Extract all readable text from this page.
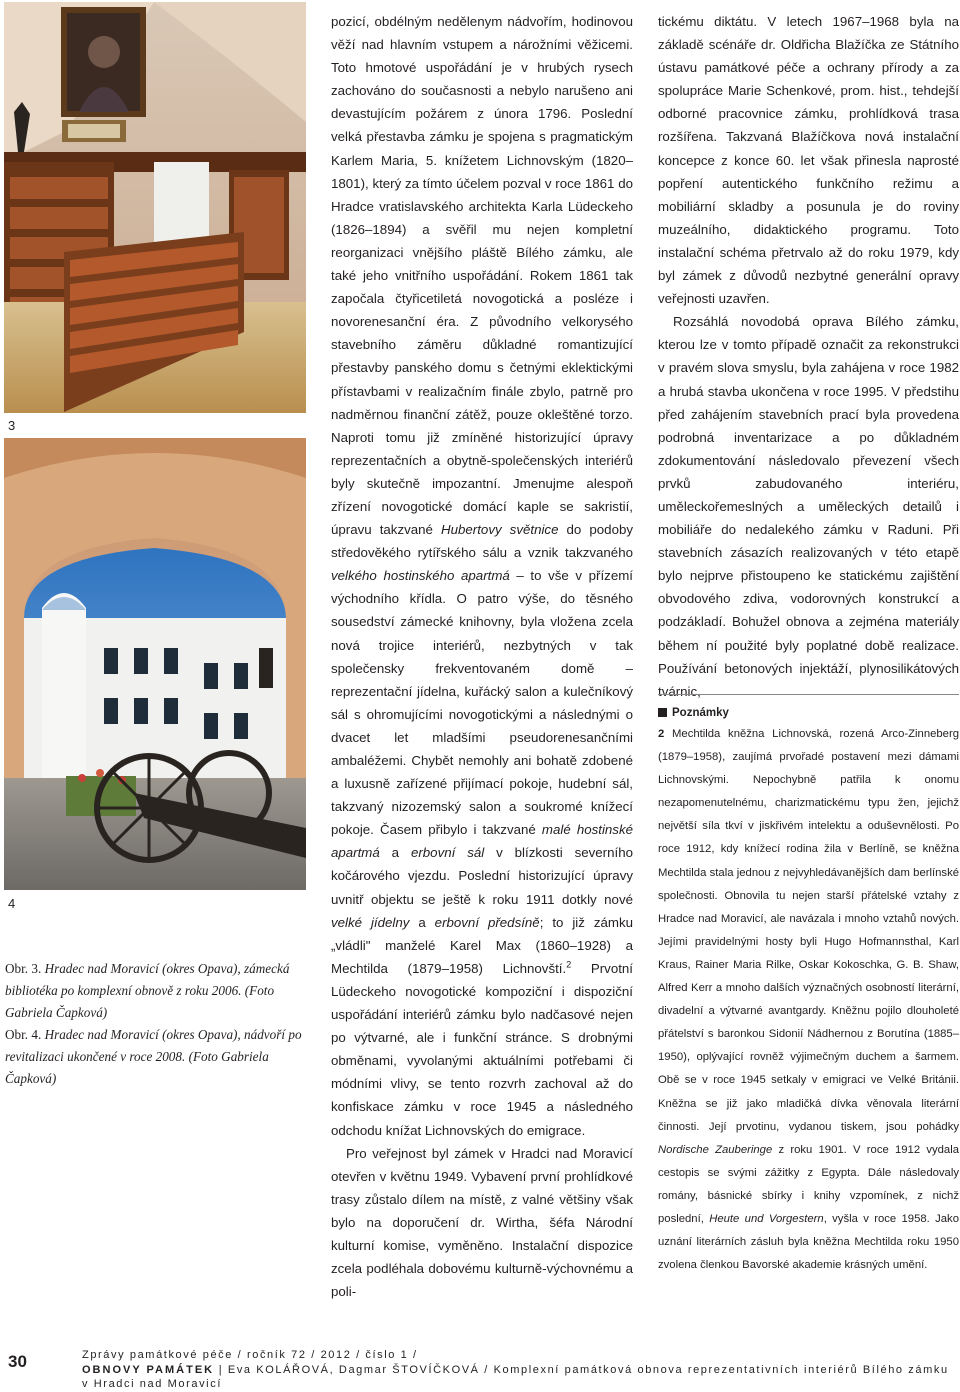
3
4

Obr. 3. Hradec nad Moravicí (okres Opava), zámecká bibliotéka po komplexní obnově z roku 2006. (Foto Gabriela Čapková)

Obr. 4. Hradec nad Moravicí (okres Opava), nádvoří po revitalizaci ukončené v roce 2008. (Foto Gabriela Čapková)

pozicí, obdélným nedělenym nádvořím, hodinovou věží nad hlavním vstupem a nárožními věžicemi. Toto hmotové uspořádání je v hrubých rysech zachováno do současnosti a nebylo narušeno ani devastujícím požárem z února 1796. Poslední velká přestavba zámku je spojena s pragmatickým Karlem Maria, 5. knížetem Lichnovským (1820–1801), který za tímto účelem pozval v roce 1861 do Hradce vratislavského architekta Karla Lüdeckeho (1826–1894) a svěřil mu nejen kompletní reorganizaci vnějšího pláště Bílého zámku, ale také jeho vnitřního uspořádání. Rokem 1861 tak započala čtyřicetiletá novogotická a posléze i novorenesanční éra. Z původního velkorysého stavebního záměru důkladné romantizující přestavby panského domu s četnými eklektickými přístavbami v realizačním finále zbylo, patrně pro nadměrnou finanční zátěž, pouze okleštěné torzo. Naproti tomu již zmíněné historizující úpravy reprezentačních a obytně-společenských interiérů byly skutečně impozantní. Jmenujme alespoň zřízení novogotické domácí kaple se sakristií, úpravu takzvané Hubertovy světnice do podoby středověkého rytířského sálu a vznik takzvaného velkého hostinského apartmá – to vše v přízemí východního křídla. O patro výše, do těsného sousedství zámecké knihovny, byla vložena zcela nová trojice interiérů, nezbytných v tak společensky frekventovaném domě – reprezentační jídelna, kuřácký salon a kulečníkový sál s ohromujícími novogotickými a následnými o dvacet let mladšími pseudorenesančními ambaléžemi. Chybět nemohly ani bohatě zdobené a luxusně zařízené přijímací pokoje, hudební sál, takzvaný nizozemský salon a soukromé knížecí pokoje. Časem přibylo i takzvané malé hostinské apartmá a erbovní sál v blízkosti severního kočárového vjezdu. Poslední historizující úpravy uvnitř objektu se ještě k roku 1911 dotkly nové velké jídelny a erbovní předsíně; to již zámku „vládli" manželé Karel Max (1860–1928) a Mechtilda (1879–1958) Lichnovští.$^2$ Prvotní Lüdeckeho novogotické kompoziční i dispoziční uspořádání interiérů zámku bylo nadčasové nejen po výtvarné, ale i funkční stránce. S drobnými obměnami, vyvolanými aktuálními potřebami či módními vlivy, se tento rozvrh zachoval až do konfiskace zámku v roce 1945 a následného odchodu knížat Lichnovských do emigrace.

Pro veřejnost byl zámek v Hradci nad Moravicí otevřen v květnu 1949. Vybavení první prohlídkové trasy zůstalo dílem na místě, z valné většiny však bylo na doporučení dr. Wirtha, šéfa Národní kulturní komise, vyměněno. Instalační dispozice zcela podléhala dobovému kulturně-výchovnému a poli-

tickému diktátu. V letech 1967–1968 byla na základě scénáře dr. Oldřicha Blažíčka ze Státního ústavu památkové péče a ochrany přírody a za spolupráce Marie Schenkové, prom. hist., tehdejší odborné pracovnice zámku, prohlídková trasa rozšířena. Takzvaná Blažíčkova nová instalační koncepce z konce 60. let však přinesla naprosté popření autentického funkčního režimu a mobiliární skladby a posunula je do roviny muzeálního, didaktického programu. Toto instalační schéma přetrvalo až do roku 1979, kdy byl zámek z důvodů nezbytné generální opravy veřejnosti uzavřen.

Rozsáhlá novodobá oprava Bílého zámku, kterou lze v tomto případě označit za rekonstrukci v pravém slova smyslu, byla zahájena v roce 1982 a hrubá stavba ukončena v roce 1995. V předstihu před zahájením stavebních prací byla provedena podrobná inventarizace a po důkladném zdokumentování následovalo převezení všech prvků zabudovaného interiéru, uměleckořemeslných a uměleckých detailů i mobiliáře do nedalekého zámku v Raduni. Při stavebních zásazích realizovaných v této etapě bylo nejprve přistoupeno ke statickému zajištění obvodového zdiva, vodorovných konstrukcí a podzákladí. Bohužel obnova a zejména materiály během ní použité byly poplatné době realizace. Používání betonových injektáží, plynosilikátových tvárnic,

Poznámky

2 Mechtilda kněžna Lichnovská, rozená Arco-Zinneberg (1879–1958), zaujímá prvořadé postavení mezi dámami Lichnovskými. Nepochybně patřila k onomu nezapomenutelnému, charizmatickému typu žen, jejichž největší síla tkví v jiskřivém intelektu a oduševnělosti. Po roce 1912, kdy knížecí rodina žila v Berlíně, se kněžna Mechtilda stala jednou z nejvyhledávanějších dam berlínské společnosti. Obnovila tu nejen starší přátelské vztahy z Hradce nad Moravicí, ale navázala i mnoho vztahů nových. Jejími pravidelnými hosty byli Hugo Hofmannsthal, Karl Kraus, Rainer Maria Rilke, Oskar Kokoschka, G. B. Shaw, Alfred Kerr a mnoho dalších význačných osobností literární, divadelní a výtvarné avantgardy. Kněžnu pojilo dlouholeté přátelství s baronkou Sidonií Nádhernou z Borutína (1885–1950), oplývající rovněž výjimečným duchem a šarmem. Obě se v roce 1945 setkaly v emigraci ve Velké Británii. Kněžna se již jako mladičká dívka věnovala literární činnosti. Její prvotinu, vydanou tiskem, jsou pohádky Nordische Zauberinge z roku 1901. V roce 1912 vydala cestopis se svými zážitky z Egypta. Dále následovaly romány, básnické sbírky i knihy vzpomínek, z nichž poslední, Heute und Vorgestern, vyšla v roce 1958. Jako uznání literárních zásluh byla kněžna Mechtilda roku 1950 zvolena členkou Bavorské akademie krásných umění.

30	Zprávy památkové péče / ročník 72 / 2012 / číslo 1 /
OBNOVY PAMÁTEK | Eva KOLÁŘOVÁ, Dagmar ŠTOVÍČKOVÁ / Komplexní památková obnova reprezentativních interiérů Bílého zámku v Hradci nad Moravicí
